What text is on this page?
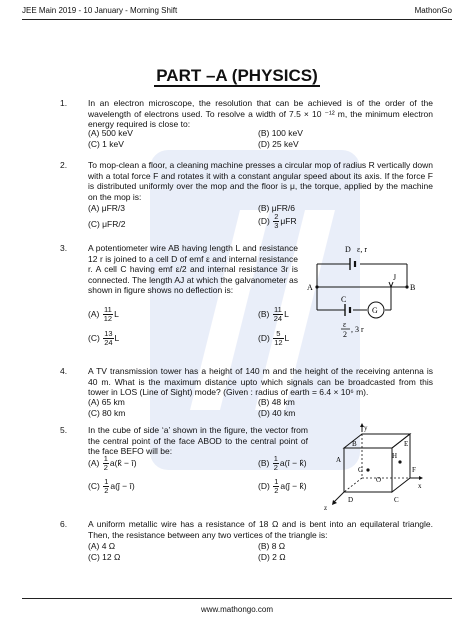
JEE Main 2019 - 10 January - Morning Shift	MathonGo
PART –A (PHYSICS)
1. In an electron microscope, the resolution that can be achieved is of the order of the wavelength of electrons used. To resolve a width of 7.5 × 10 ⁻¹² m, the minimum electron energy required is close to:
(A) 500 keV	(B) 100 keV
(C) 1 keV	(D) 25 keV
2. To mop-clean a floor, a cleaning machine presses a circular mop of radius R vertically down with a total force F and rotates it with a constant angular speed about its axis. If the force F is distributed uniformly over the mop and the floor is μ, the torque, applied by the machine on the mop is:
(A) μFR/3	(B) μFR/6
(C) μFR/2	$(D) \frac{2}{3}$ μFR
3. A potentiometer wire AB having length L and resistance 12 r is joined to a cell D of emf ε and internal resistance r. A cell C having emf ε/2 and internal resistance 3r is connected. The length AJ at which the galvanometer as shown in figure shows no deflection is:
$(A) \frac{11}{12}$ L	$(B) \frac{11}{24}$ L
$(C) \frac{13}{24}$ L	$(D) \frac{5}{12}$ L
D ε, r
A	B
J
C
G
ε
2
, 3 r
4. A TV transmission tower has a height of 140 m and the height of the receiving antenna is 40 m. What is the maximum distance upto which signals can be broadcasted from this tower in LOS (Line of Sight) mode? (Given : radius of earth = 6.4 × 10⁶ m).
(A) 65 km	(B) 48 km
(C) 80 km	(D) 40 km
5. In the cube of side ‘a’ shown in the figure, the vector from the central point of the face ABOD to the central point of the face BEFO will be:
$(A) \frac{1}{2}$ a(k̂ − î)	$(B) \frac{1}{2}$ a(î − k̂)
$(C) \frac{1}{2}$ a(ĵ − î)	$(D) \frac{1}{2}$ a(ĵ − k̂)
y
x
z
B
A	H
E
F
G
O
C
D
6. A uniform metallic wire has a resistance of 18 Ω and is bent into an equilateral triangle. Then, the resistance between any two vertices of the triangle is:
(A) 4 Ω	(B) 8 Ω
(C) 12 Ω	(D) 2 Ω
www.mathongo.com
